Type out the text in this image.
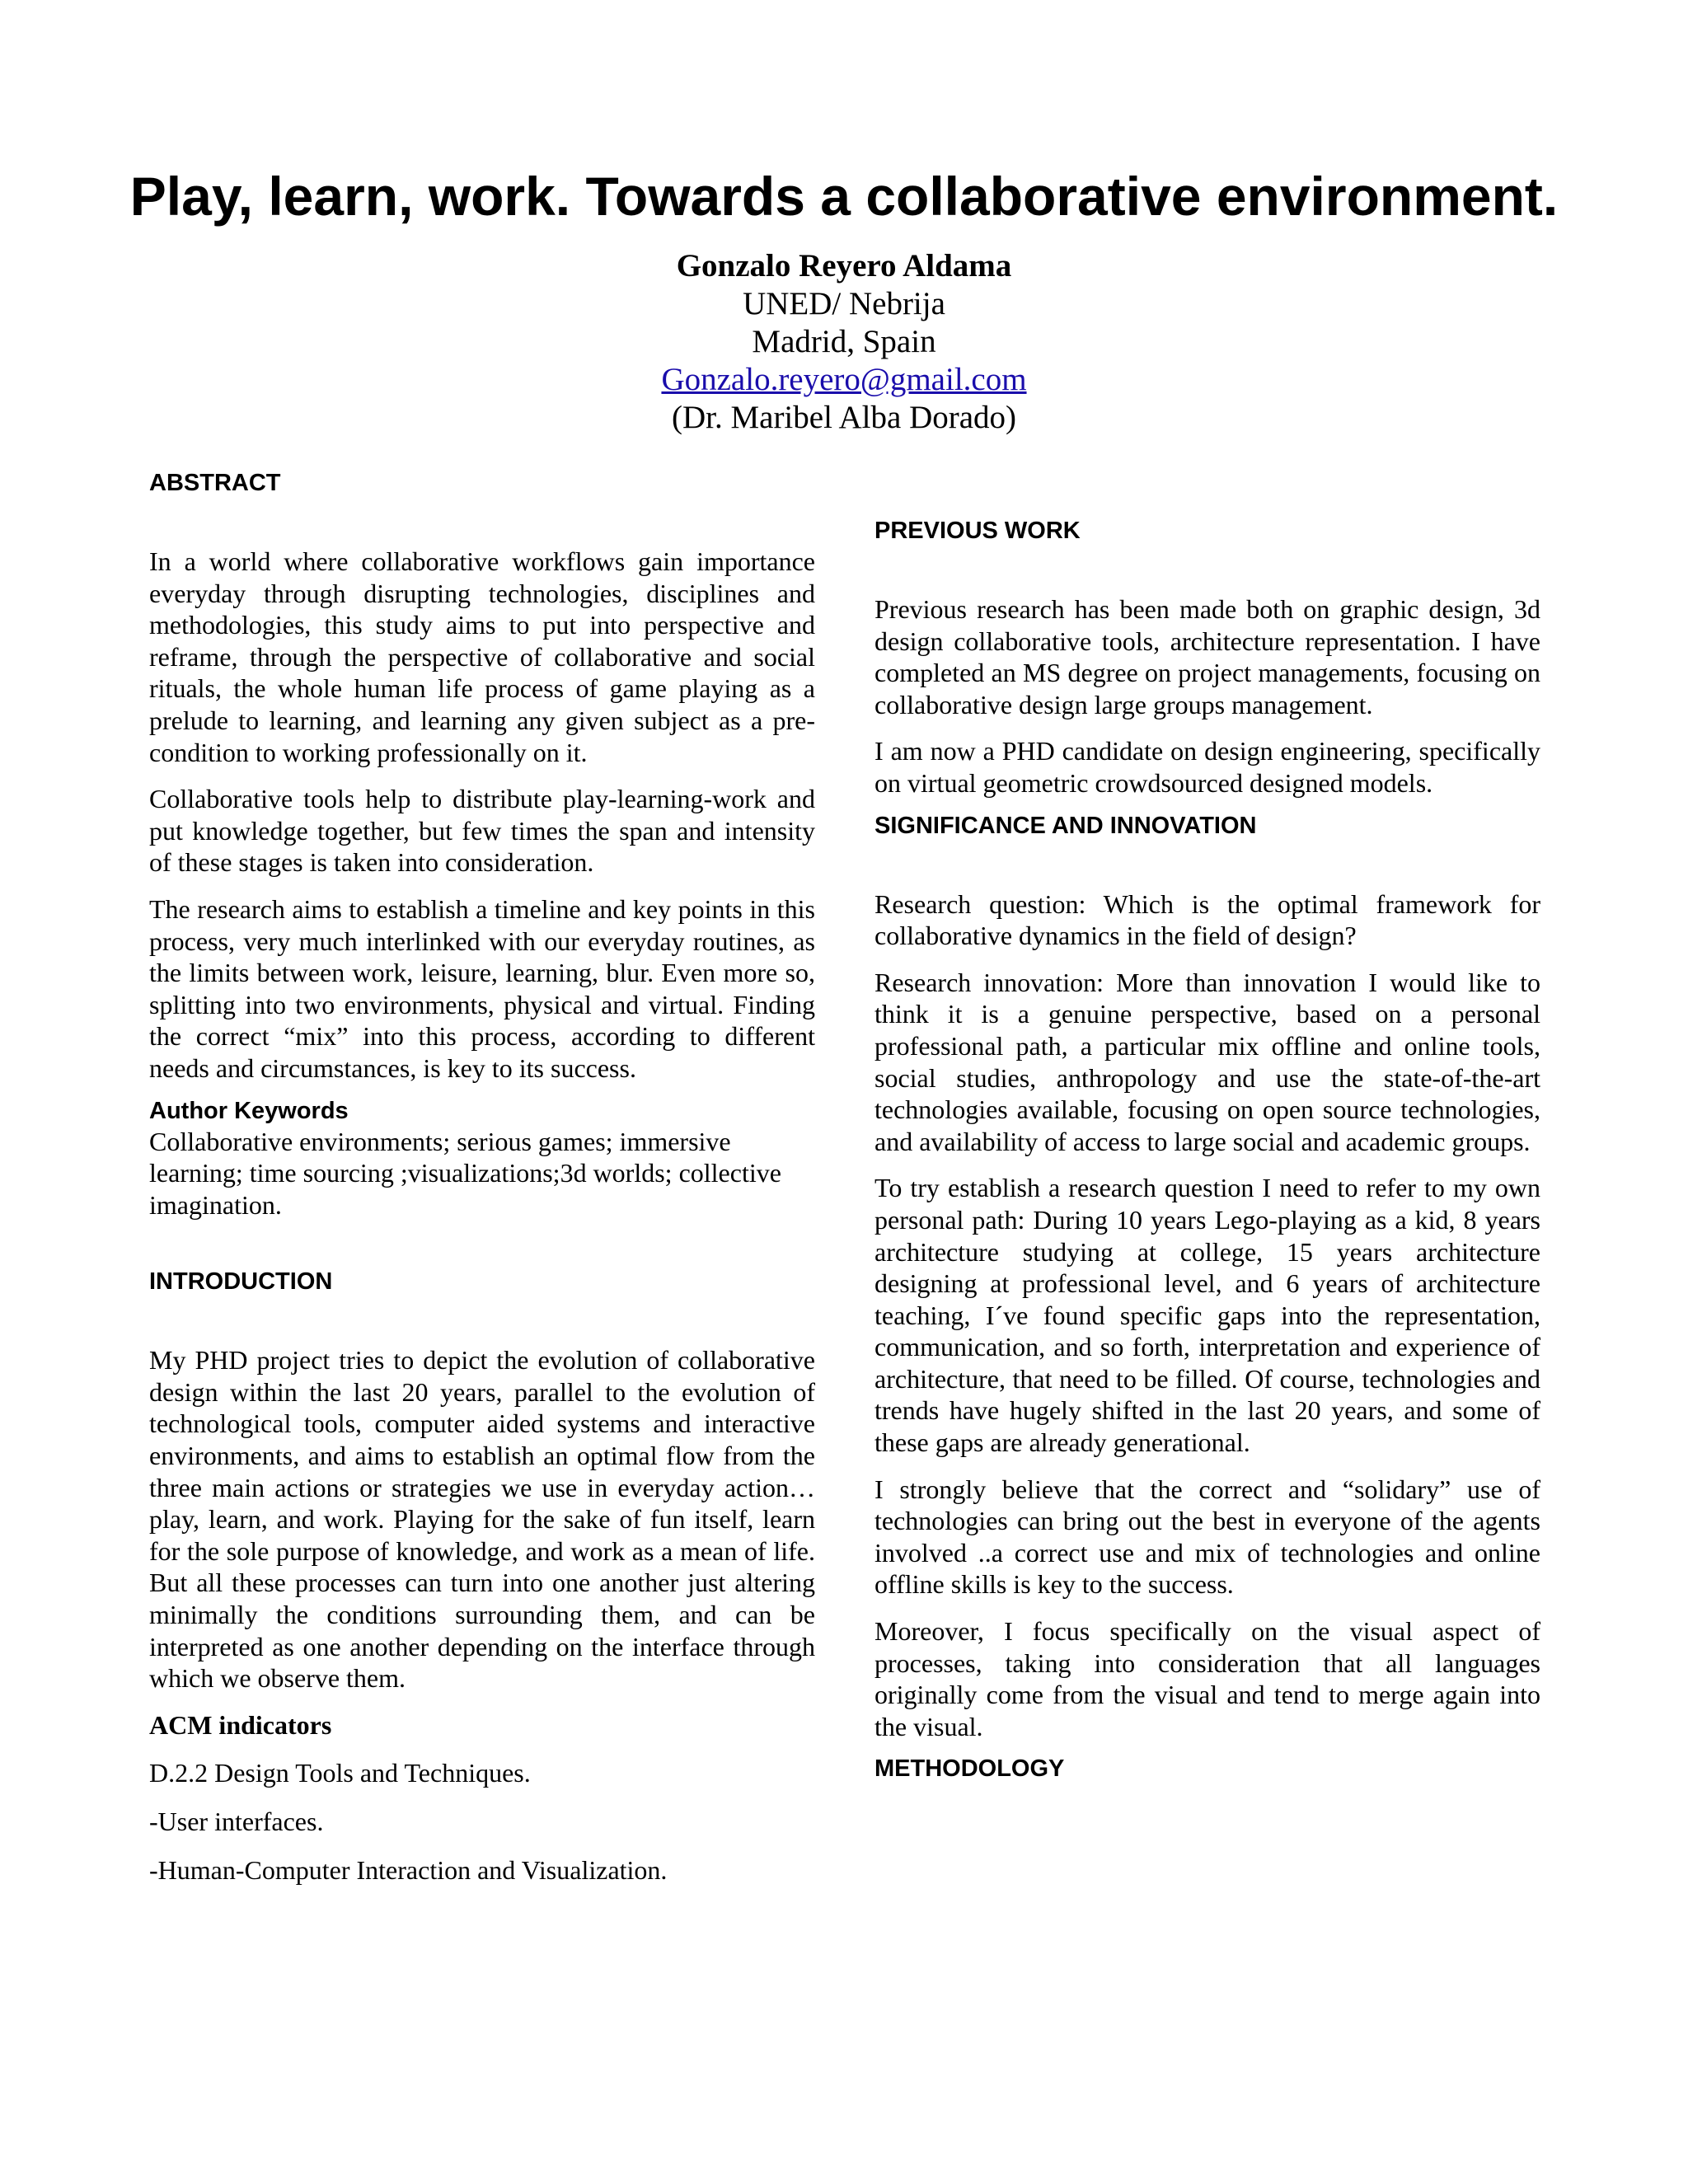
Play, learn, work. Towards a collaborative environment.
Gonzalo Reyero Aldama
UNED/ Nebrija
Madrid, Spain
Gonzalo.reyero@gmail.com
(Dr. Maribel Alba Dorado)
ABSTRACT

In a world where collaborative workflows gain importance everyday through disrupting technologies, disciplines and methodologies, this study aims to put into perspective and reframe, through the perspective of collaborative and social rituals, the whole human life process of game playing as a prelude to learning, and learning any given subject as a pre-condition to working professionally on it.

Collaborative tools help to distribute play-learning-work and put knowledge together, but few times the span and intensity of these stages is taken into consideration.

The research aims to establish a timeline and key points in this process, very much interlinked with our everyday routines, as the limits between work, leisure, learning, blur. Even more so, splitting into two environments, physical and virtual. Finding the correct “mix” into this process, according to different needs and circumstances, is key to its success.

Author Keywords

Collaborative environments; serious games; immersive learning; time sourcing ;visualizations;3d worlds; collective imagination.

INTRODUCTION

My PHD project tries to depict the evolution of collaborative design within the last 20 years, parallel to the evolution of technological tools, computer aided systems and interactive environments, and aims to establish an optimal flow from the three main actions or strategies we use in everyday action…play, learn, and work. Playing for the sake of fun itself, learn for the sole purpose of knowledge, and work as a mean of life. But all these processes can turn into one another just altering minimally the conditions surrounding them, and can be interpreted as one another depending on the interface through which we observe them.

ACM indicators
D.2.2 Design Tools and Techniques.
-User interfaces.
-Human-Computer Interaction and Visualization.
PREVIOUS WORK

Previous research has been made both on graphic design, 3d design collaborative tools, architecture representation. I have completed an MS degree on project managements, focusing on collaborative design large groups management.

I am now a PHD candidate on design engineering, specifically on virtual geometric crowdsourced designed models.

SIGNIFICANCE AND INNOVATION

Research question: Which is the optimal framework for collaborative dynamics in the field of design?

Research innovation: More than innovation I would like to think it is a genuine perspective, based on a personal professional path, a particular mix offline and online tools, social studies, anthropology and use the state-of-the-art technologies available, focusing on open source technologies, and availability of access to large social and academic groups.

To try establish a research question I need to refer to my own personal path: During 10 years Lego-playing as a kid, 8 years architecture studying at college, 15 years architecture designing at professional level, and 6 years of architecture teaching, I´ve found specific gaps into the representation, communication, and so forth, interpretation and experience of architecture, that need to be filled. Of course, technologies and trends have hugely shifted in the last 20 years, and some of these gaps are already generational.

I strongly believe that the correct and “solidary” use of technologies can bring out the best in everyone of the agents involved ..a correct use and mix of technologies and online offline skills is key to the success.

Moreover, I focus specifically on the visual aspect of processes, taking into consideration that all languages originally come from the visual and tend to merge again into the visual.

METHODOLOGY
